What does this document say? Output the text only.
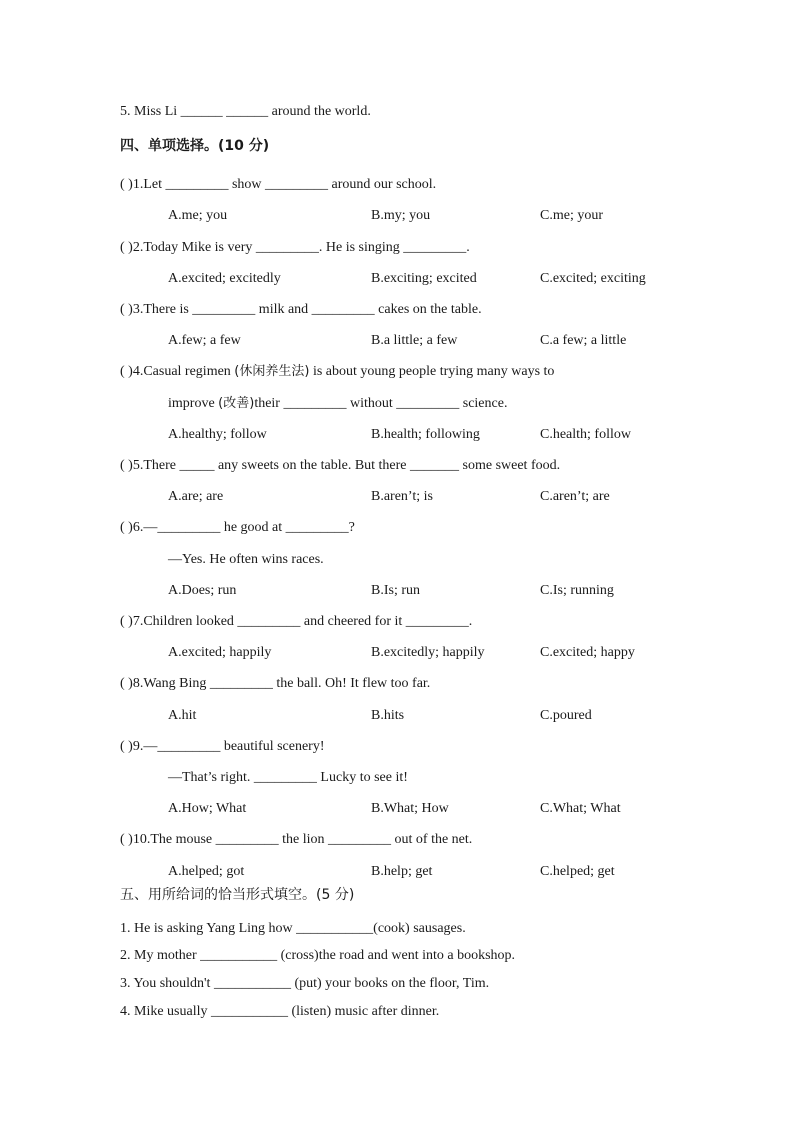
5. Miss Li ______ ______ around the world.
四、单项选择。(10 分)
( )1.Let _________ show _________ around our school.
A.me; you	B.my; you	C.me; your
( )2.Today Mike is very _________. He is singing _________.
A.excited; excitedly	B.exciting; excited	C.excited; exciting
( )3.There is _________ milk and _________ cakes on the table.
A.few; a few	B.a little; a few	C.a few; a little
( )4.Casual regimen (休闲养生法) is about young people trying many ways to
improve (改善)their _________ without _________ science.
A.healthy; follow	B.health; following	C.health; follow
( )5.There _____ any sweets on the table. But there _______ some sweet food.
A.are; are	B.aren’t; is	C.aren’t; are
( )6.—_________ he good at _________?
—Yes. He often wins races.
A.Does; run	B.Is; run	C.Is; running
( )7.Children looked _________ and cheered for it _________.
A.excited; happily	B.excitedly; happily	C.excited; happy
( )8.Wang Bing _________ the ball. Oh! It flew too far.
A.hit	B.hits	C.poured
( )9.—_________ beautiful scenery!
—That’s right. _________ Lucky to see it!
A.How; What	B.What; How	C.What; What
( )10.The mouse _________ the lion _________ out of the net.
A.helped; got	B.help; get	C.helped; get
五、用所给词的恰当形式填空。(5 分)
1. He is asking Yang Ling how ___________(cook) sausages.
2. My mother ___________ (cross)the road and went into a bookshop.
3. You shouldn't ___________ (put) your books on the floor, Tim.
4. Mike usually ___________ (listen) music after dinner.
